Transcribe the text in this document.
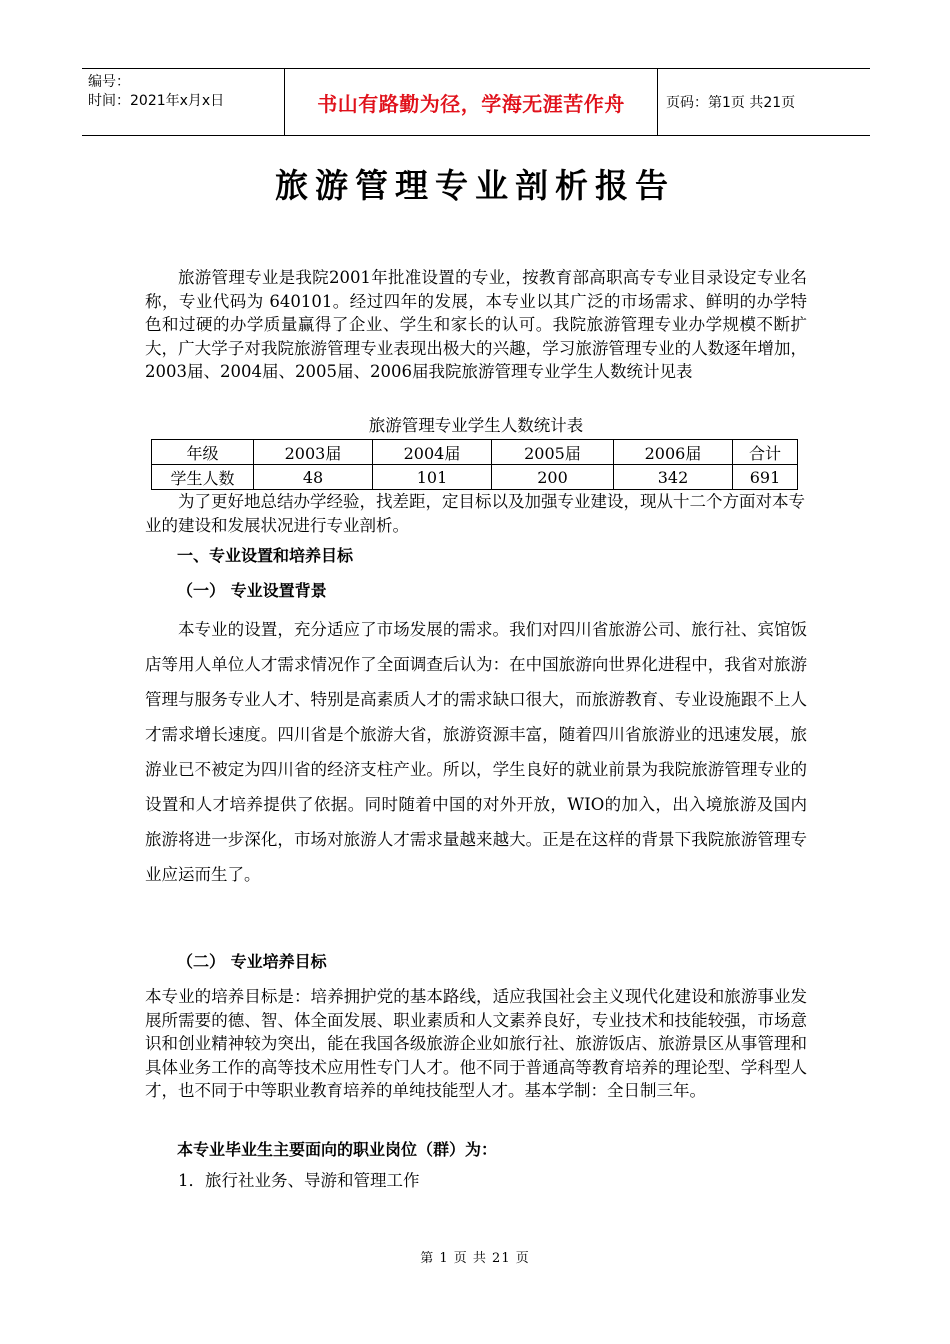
编号：
时间：2021年x月x日	书山有路勤为径，学海无涯苦作舟	页码：第1页 共21页
旅游管理专业剖析报告
旅游管理专业是我院2001年批准设置的专业，按教育部高职高专专业目录设定专业名称，专业代码为 640101。经过四年的发展，本专业以其广泛的市场需求、鲜明的办学特色和过硬的办学质量赢得了企业、学生和家长的认可。我院旅游管理专业办学规模不断扩大，广大学子对我院旅游管理专业表现出极大的兴趣，学习旅游管理专业的人数逐年增加，2003届、2004届、2005届、2006届我院旅游管理专业学生人数统计见表
旅游管理专业学生人数统计表
年级	2003届	2004届	2005届	2006届	合计
学生人数	48	101	200	342	691
为了更好地总结办学经验，找差距，定目标以及加强专业建设，现从十二个方面对本专业的建设和发展状况进行专业剖析。
一、专业设置和培养目标
（一） 专业设置背景
本专业的设置，充分适应了市场发展的需求。我们对四川省旅游公司、旅行社、宾馆饭店等用人单位人才需求情况作了全面调查后认为：在中国旅游向世界化进程中，我省对旅游管理与服务专业人才、特别是高素质人才的需求缺口很大，而旅游教育、专业设施跟不上人才需求增长速度。四川省是个旅游大省，旅游资源丰富，随着四川省旅游业的迅速发展，旅游业已不被定为四川省的经济支柱产业。所以，学生良好的就业前景为我院旅游管理专业的设置和人才培养提供了依据。同时随着中国的对外开放，WIO的加入，出入境旅游及国内旅游将进一步深化，市场对旅游人才需求量越来越大。正是在这样的背景下我院旅游管理专业应运而生了。
（二） 专业培养目标
本专业的培养目标是：培养拥护党的基本路线，适应我国社会主义现代化建设和旅游事业发展所需要的德、智、体全面发展、职业素质和人文素养良好，专业技术和技能较强，市场意识和创业精神较为突出，能在我国各级旅游企业如旅行社、旅游饭店、旅游景区从事管理和具体业务工作的高等技术应用性专门人才。他不同于普通高等教育培养的理论型、学科型人才，也不同于中等职业教育培养的单纯技能型人才。基本学制：全日制三年。
本专业毕业生主要面向的职业岗位（群）为：
1．旅行社业务、导游和管理工作
第 1 页 共 21 页
